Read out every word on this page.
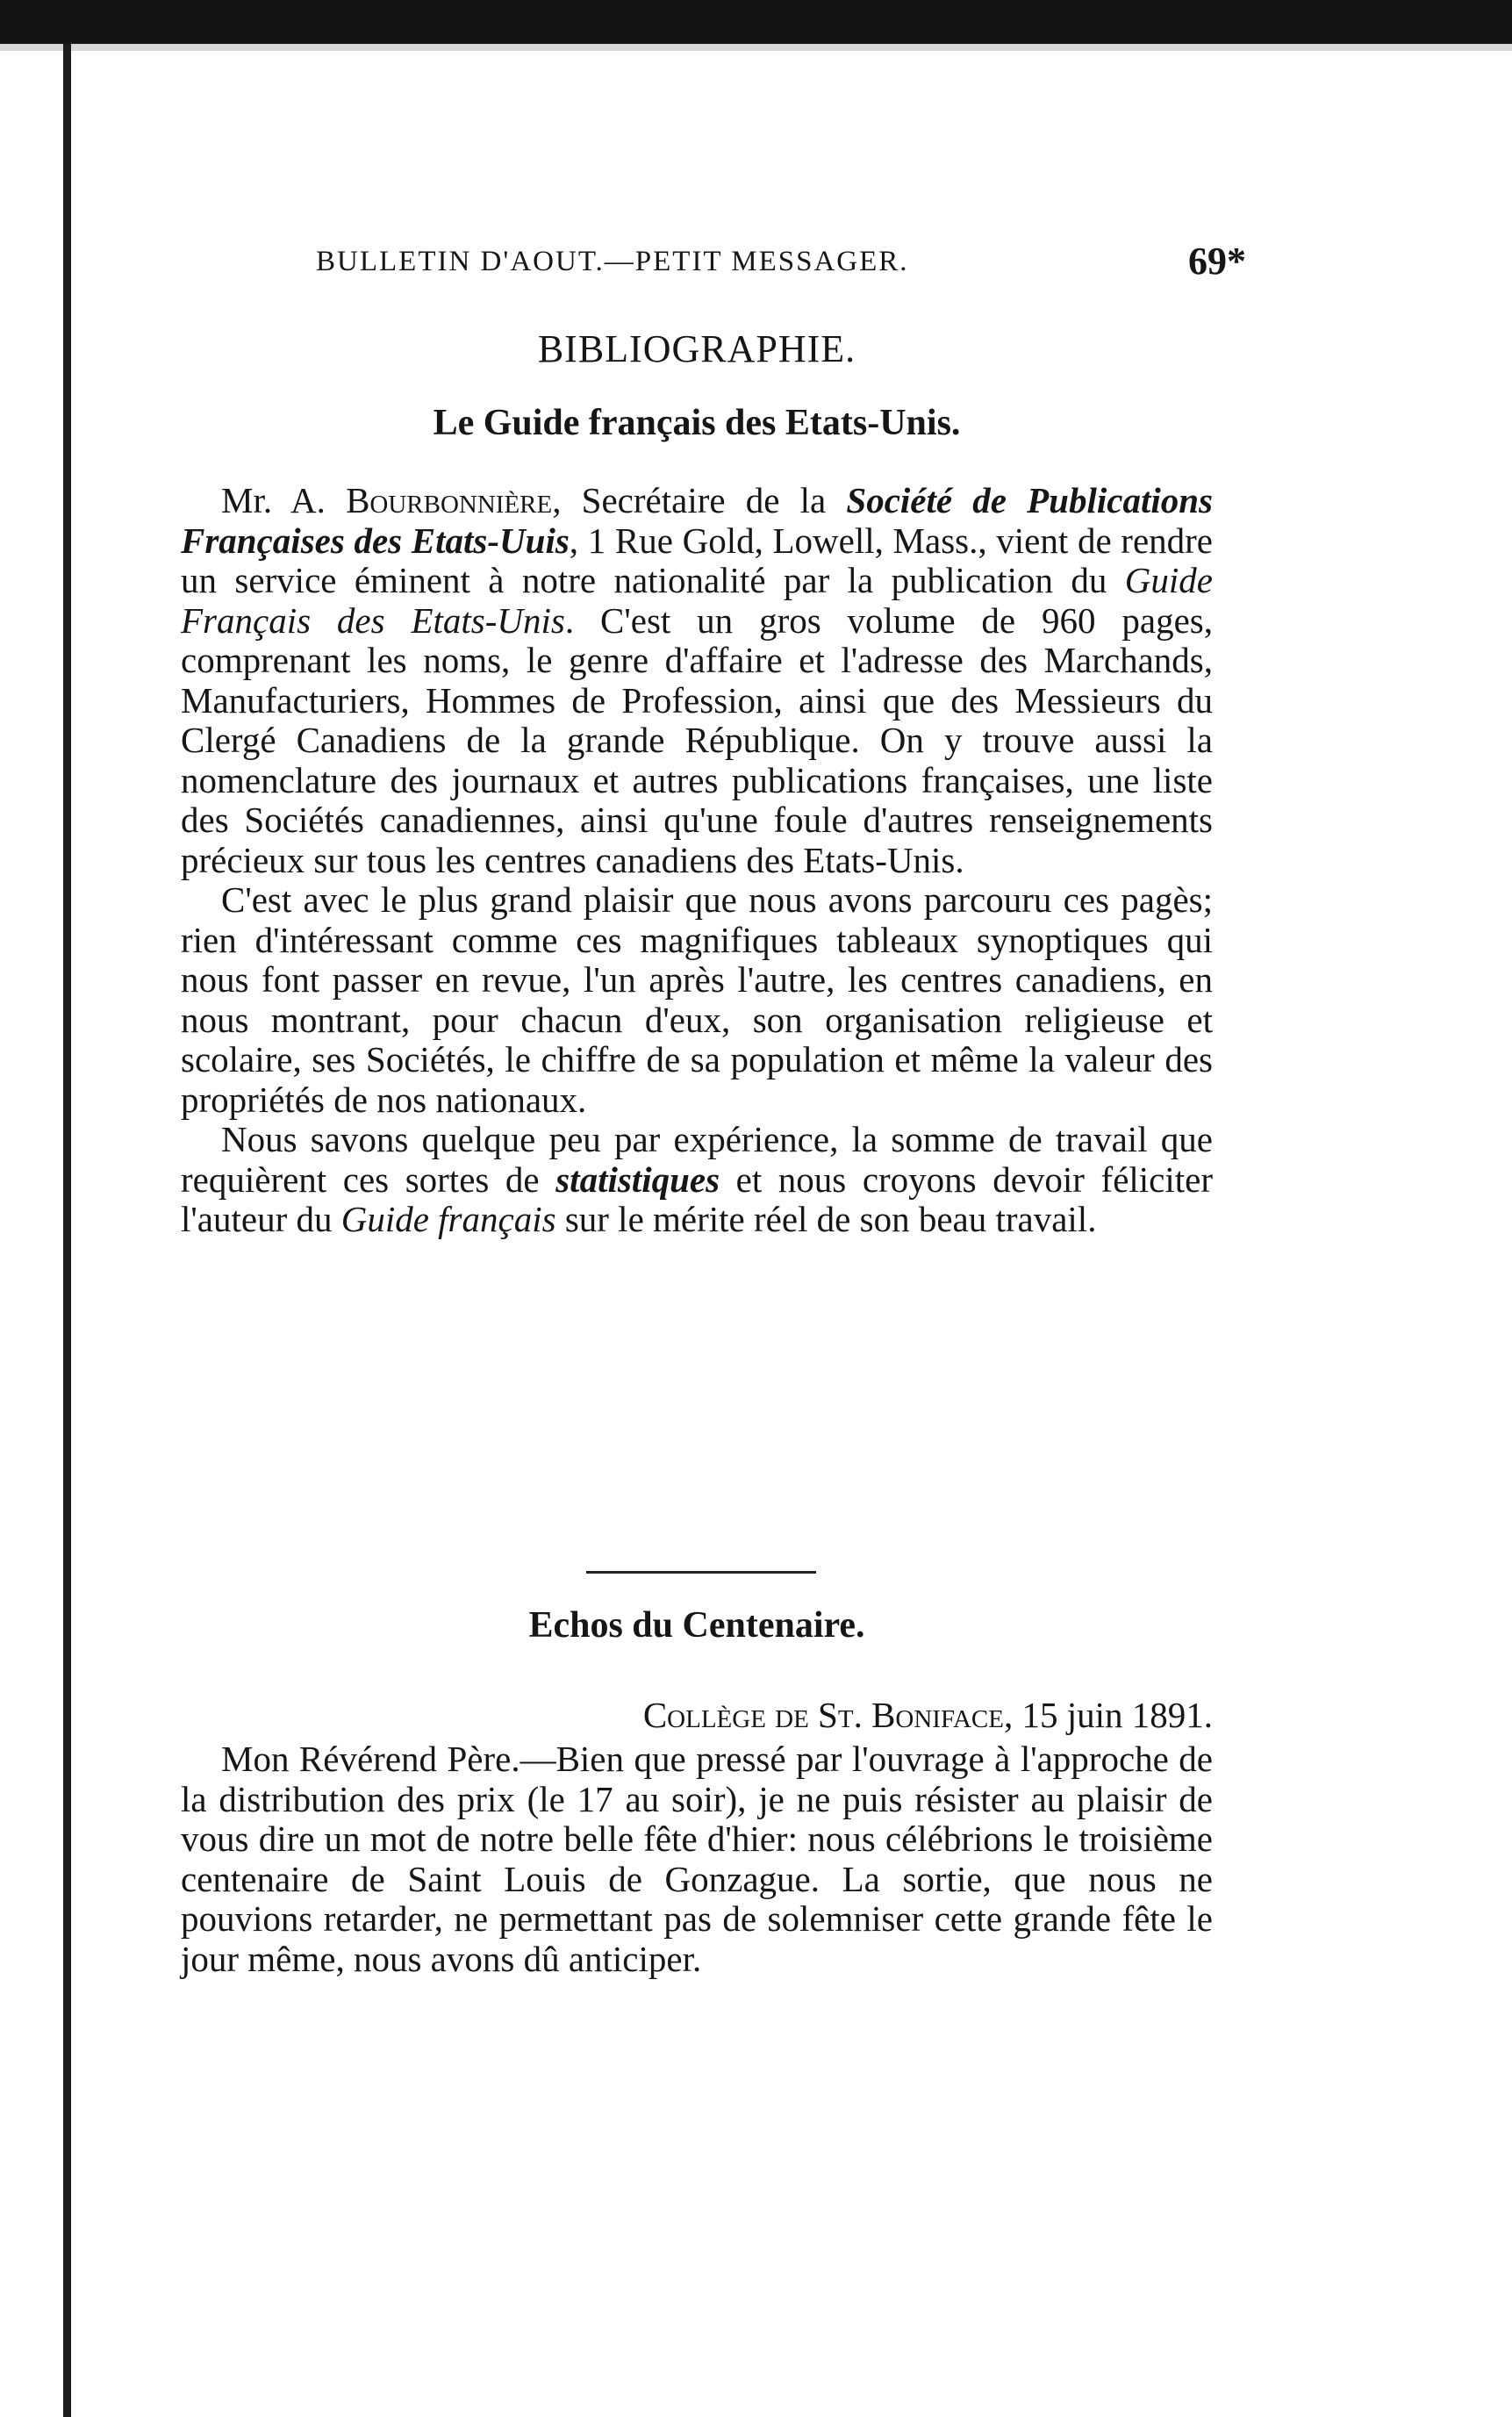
BULLETIN D'AOUT.—PETIT MESSAGER.	69*
BIBLIOGRAPHIE.
Le Guide français des Etats-Unis.

Mr. A. Bourbonnière, Secrétaire de la Société de Publications Françaises des Etats-Uuis, 1 Rue Gold, Lowell, Mass., vient de rendre un service éminent à notre nationalité par la publication du Guide Français des Etats-Unis. C'est un gros volume de 960 pages, comprenant les noms, le genre d'affaire et l'adresse des Marchands, Manufacturiers, Hommes de Profession, ainsi que des Messieurs du Clergé Canadiens de la grande République. On y trouve aussi la nomenclature des journaux et autres publications françaises, une liste des Sociétés canadiennes, ainsi qu'une foule d'autres renseignements précieux sur tous les centres canadiens des Etats-Unis.

C'est avec le plus grand plaisir que nous avons parcouru ces pagès; rien d'intéressant comme ces magnifiques tableaux synoptiques qui nous font passer en revue, l'un après l'autre, les centres canadiens, en nous montrant, pour chacun d'eux, son organisation religieuse et scolaire, ses Sociétés, le chiffre de sa population et même la valeur des propriétés de nos nationaux.

Nous savons quelque peu par expérience, la somme de travail que requièrent ces sortes de statistiques et nous croyons devoir féliciter l'auteur du Guide français sur le mérite réel de son beau travail.

Echos du Centenaire.
Collège de St. Boniface, 15 juin 1891.

Mon Révérend Père.—Bien que pressé par l'ouvrage à l'approche de la distribution des prix (le 17 au soir), je ne puis résister au plaisir de vous dire un mot de notre belle fête d'hier: nous célébrions le troisième centenaire de Saint Louis de Gonzague. La sortie, que nous ne pouvions retarder, ne permettant pas de solemniser cette grande fête le jour même, nous avons dû anticiper.
